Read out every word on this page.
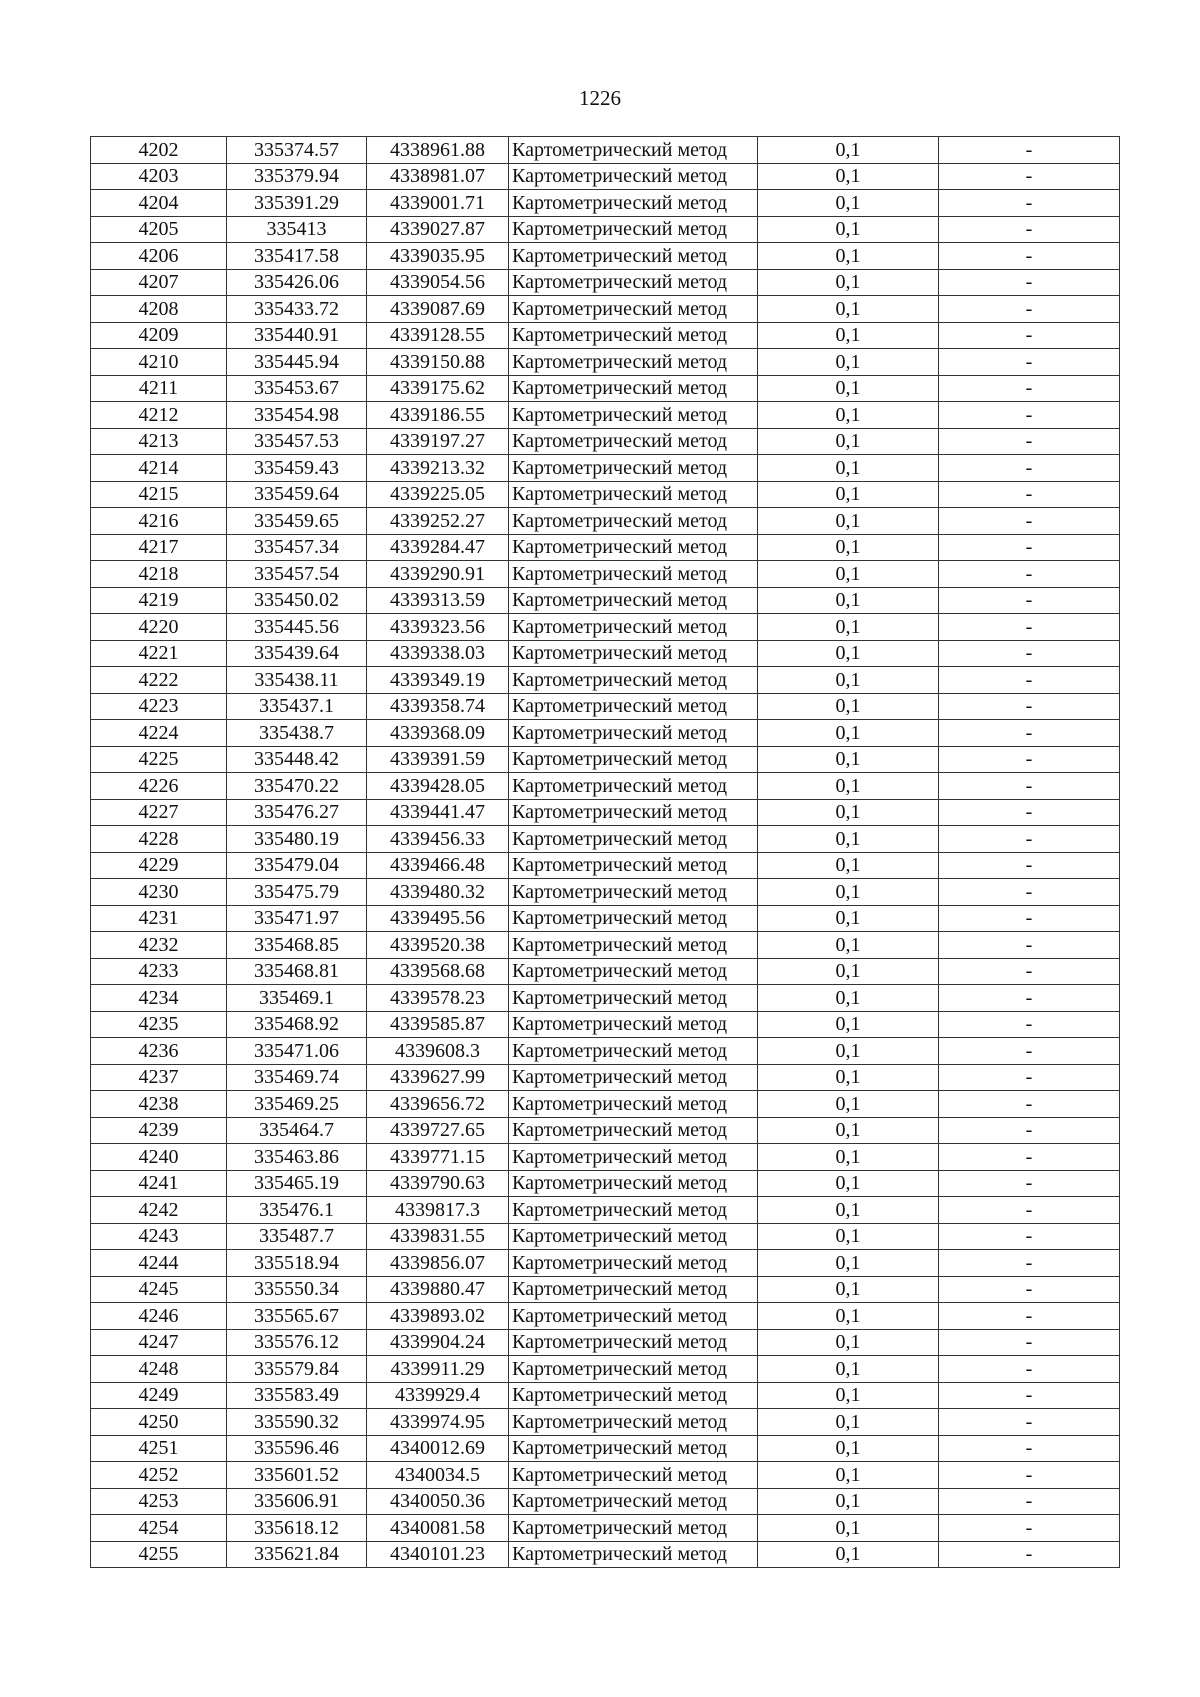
1226
4202	335374.57	4338961.88	Картометрический метод	0,1	-
4203	335379.94	4338981.07	Картометрический метод	0,1	-
4204	335391.29	4339001.71	Картометрический метод	0,1	-
4205	335413	4339027.87	Картометрический метод	0,1	-
4206	335417.58	4339035.95	Картометрический метод	0,1	-
4207	335426.06	4339054.56	Картометрический метод	0,1	-
4208	335433.72	4339087.69	Картометрический метод	0,1	-
4209	335440.91	4339128.55	Картометрический метод	0,1	-
4210	335445.94	4339150.88	Картометрический метод	0,1	-
4211	335453.67	4339175.62	Картометрический метод	0,1	-
4212	335454.98	4339186.55	Картометрический метод	0,1	-
4213	335457.53	4339197.27	Картометрический метод	0,1	-
4214	335459.43	4339213.32	Картометрический метод	0,1	-
4215	335459.64	4339225.05	Картометрический метод	0,1	-
4216	335459.65	4339252.27	Картометрический метод	0,1	-
4217	335457.34	4339284.47	Картометрический метод	0,1	-
4218	335457.54	4339290.91	Картометрический метод	0,1	-
4219	335450.02	4339313.59	Картометрический метод	0,1	-
4220	335445.56	4339323.56	Картометрический метод	0,1	-
4221	335439.64	4339338.03	Картометрический метод	0,1	-
4222	335438.11	4339349.19	Картометрический метод	0,1	-
4223	335437.1	4339358.74	Картометрический метод	0,1	-
4224	335438.7	4339368.09	Картометрический метод	0,1	-
4225	335448.42	4339391.59	Картометрический метод	0,1	-
4226	335470.22	4339428.05	Картометрический метод	0,1	-
4227	335476.27	4339441.47	Картометрический метод	0,1	-
4228	335480.19	4339456.33	Картометрический метод	0,1	-
4229	335479.04	4339466.48	Картометрический метод	0,1	-
4230	335475.79	4339480.32	Картометрический метод	0,1	-
4231	335471.97	4339495.56	Картометрический метод	0,1	-
4232	335468.85	4339520.38	Картометрический метод	0,1	-
4233	335468.81	4339568.68	Картометрический метод	0,1	-
4234	335469.1	4339578.23	Картометрический метод	0,1	-
4235	335468.92	4339585.87	Картометрический метод	0,1	-
4236	335471.06	4339608.3	Картометрический метод	0,1	-
4237	335469.74	4339627.99	Картометрический метод	0,1	-
4238	335469.25	4339656.72	Картометрический метод	0,1	-
4239	335464.7	4339727.65	Картометрический метод	0,1	-
4240	335463.86	4339771.15	Картометрический метод	0,1	-
4241	335465.19	4339790.63	Картометрический метод	0,1	-
4242	335476.1	4339817.3	Картометрический метод	0,1	-
4243	335487.7	4339831.55	Картометрический метод	0,1	-
4244	335518.94	4339856.07	Картометрический метод	0,1	-
4245	335550.34	4339880.47	Картометрический метод	0,1	-
4246	335565.67	4339893.02	Картометрический метод	0,1	-
4247	335576.12	4339904.24	Картометрический метод	0,1	-
4248	335579.84	4339911.29	Картометрический метод	0,1	-
4249	335583.49	4339929.4	Картометрический метод	0,1	-
4250	335590.32	4339974.95	Картометрический метод	0,1	-
4251	335596.46	4340012.69	Картометрический метод	0,1	-
4252	335601.52	4340034.5	Картометрический метод	0,1	-
4253	335606.91	4340050.36	Картометрический метод	0,1	-
4254	335618.12	4340081.58	Картометрический метод	0,1	-
4255	335621.84	4340101.23	Картометрический метод	0,1	-
